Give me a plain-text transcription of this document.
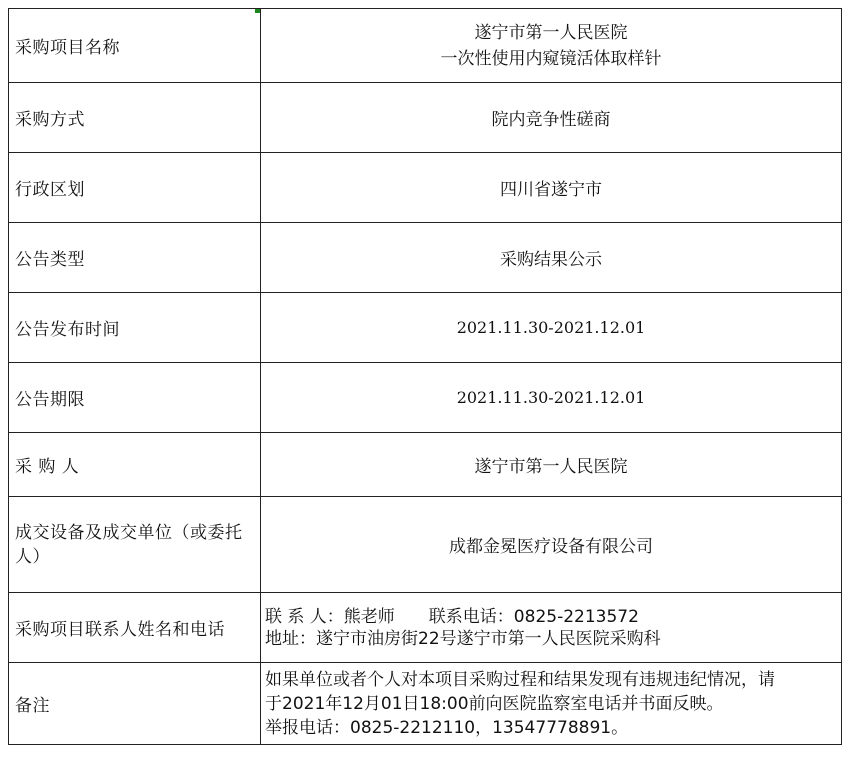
采购项目名称	遂宁市第一人民医院
一次性使用内窥镜活体取样针

采购方式	院内竞争性磋商
行政区划	四川省遂宁市
公告类型	采购结果公示
公告发布时间	2021.11.30-2021.12.01
公告期限	2021.11.30-2021.12.01
采 购 人	遂宁市第一人民医院
成交设备及成交单位（或委托人）	成都金冕医疗设备有限公司
采购项目联系人姓名和电话	联 系 人：熊老师　　联系电话：0825-2213572
地址：遂宁市油房街22号遂宁市第一人民医院采购科

备注	如果单位或者个人对本项目采购过程和结果发现有违规违纪情况，请
于2021年12月01日18:00前向医院监察室电话并书面反映。
举报电话：0825-2212110，13547778891。
